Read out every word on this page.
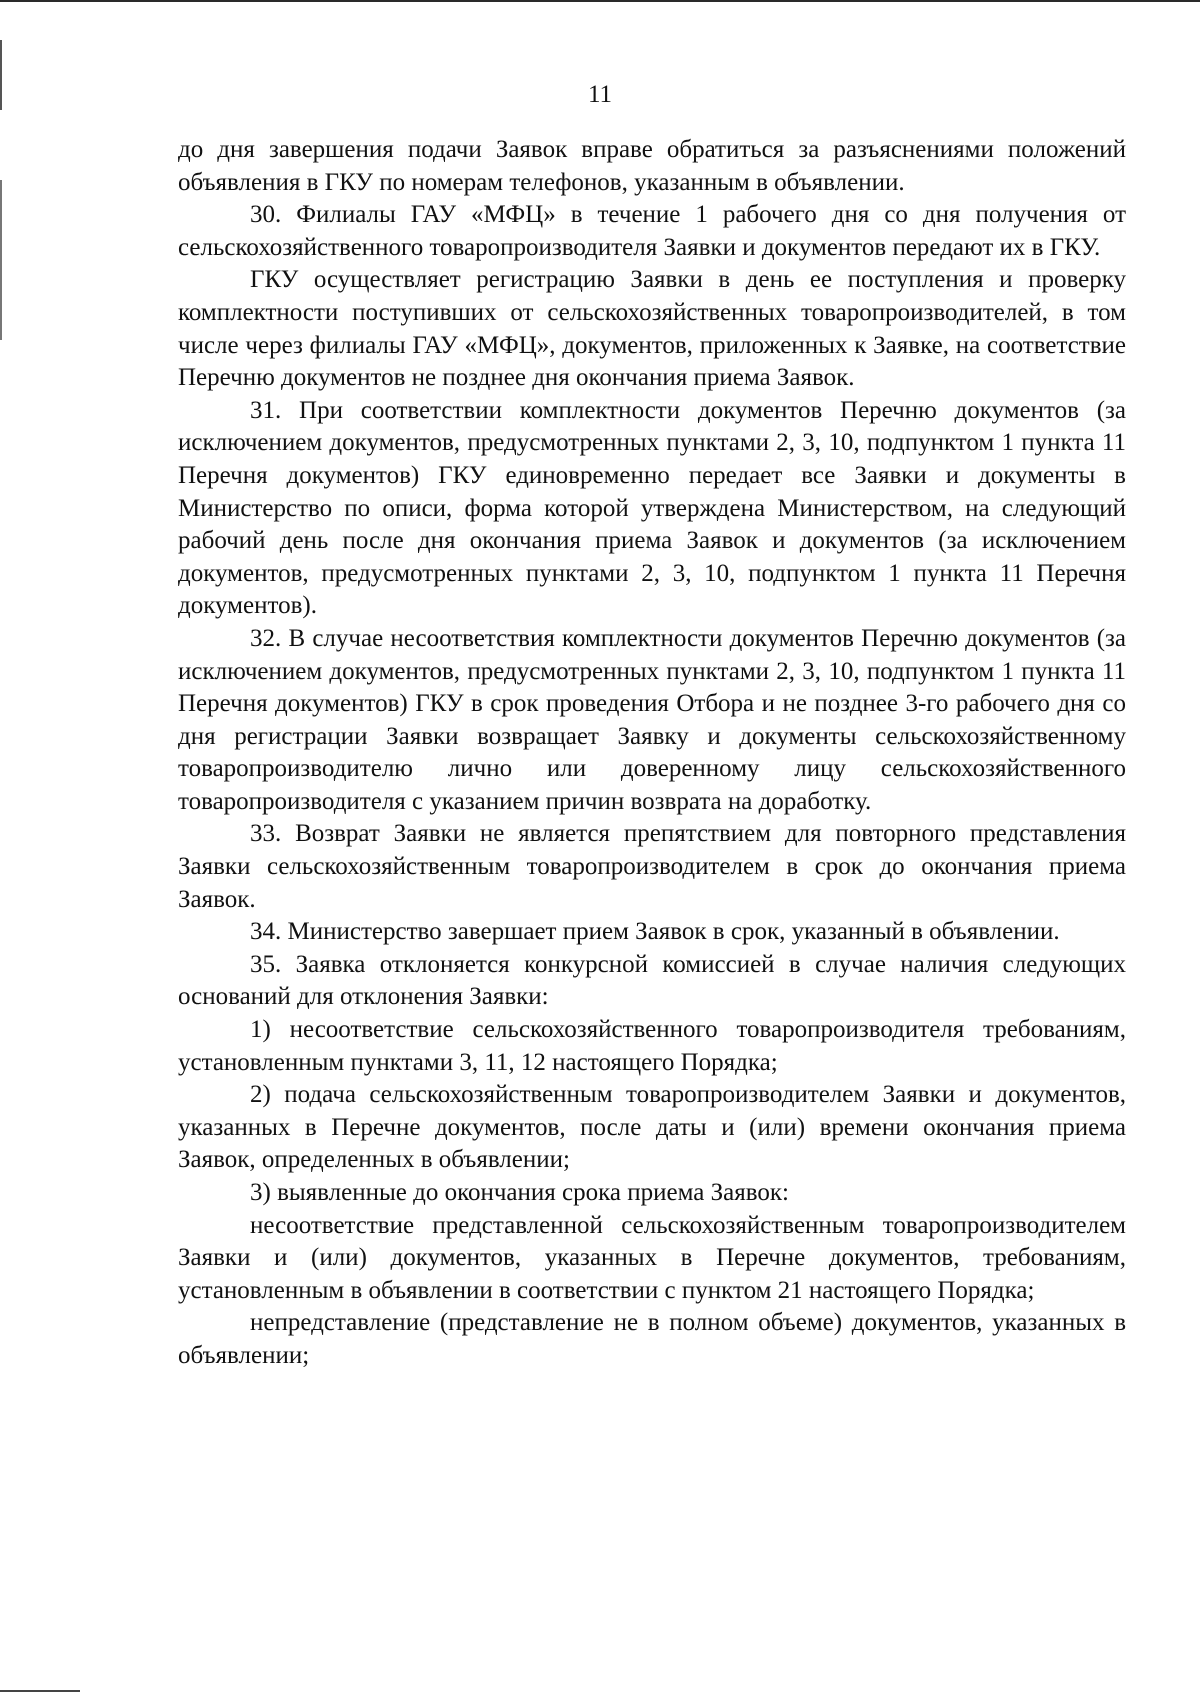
11

до дня завершения подачи Заявок вправе обратиться за разъяснениями положений объявления в ГКУ по номерам телефонов, указанным в объявлении.

30. Филиалы ГАУ «МФЦ» в течение 1 рабочего дня со дня получения от сельскохозяйственного товаропроизводителя Заявки и документов передают их в ГКУ.

ГКУ осуществляет регистрацию Заявки в день ее поступления и проверку комплектности поступивших от сельскохозяйственных товаропроизводителей, в том числе через филиалы ГАУ «МФЦ», документов, приложенных к Заявке, на соответствие Перечню документов не позднее дня окончания приема Заявок.

31. При соответствии комплектности документов Перечню документов (за исключением документов, предусмотренных пунктами 2, 3, 10, подпунктом 1 пункта 11 Перечня документов) ГКУ единовременно передает все Заявки и документы в Министерство по описи, форма которой утверждена Министерством, на следующий рабочий день после дня окончания приема Заявок и документов (за исключением документов, предусмотренных пунктами 2, 3, 10, подпунктом 1 пункта 11 Перечня документов).

32. В случае несоответствия комплектности документов Перечню документов (за исключением документов, предусмотренных пунктами 2, 3, 10, подпунктом 1 пункта 11 Перечня документов) ГКУ в срок проведения Отбора и не позднее 3-го рабочего дня со дня регистрации Заявки возвращает Заявку и документы сельскохозяйственному товаропроизводителю лично или доверенному лицу сельскохозяйственного товаропроизводителя с указанием причин возврата на доработку.

33. Возврат Заявки не является препятствием для повторного представления Заявки сельскохозяйственным товаропроизводителем в срок до окончания приема Заявок.

34. Министерство завершает прием Заявок в срок, указанный в объявлении.

35. Заявка отклоняется конкурсной комиссией в случае наличия следующих оснований для отклонения Заявки:

1) несоответствие сельскохозяйственного товаропроизводителя требованиям, установленным пунктами 3, 11, 12 настоящего Порядка;

2) подача сельскохозяйственным товаропроизводителем Заявки и документов, указанных в Перечне документов, после даты и (или) времени окончания приема Заявок, определенных в объявлении;

3) выявленные до окончания срока приема Заявок:

несоответствие представленной сельскохозяйственным товаропроизводителем Заявки и (или) документов, указанных в Перечне документов, требованиям, установленным в объявлении в соответствии с пунктом 21 настоящего Порядка;

непредставление (представление не в полном объеме) документов, указанных в объявлении;
